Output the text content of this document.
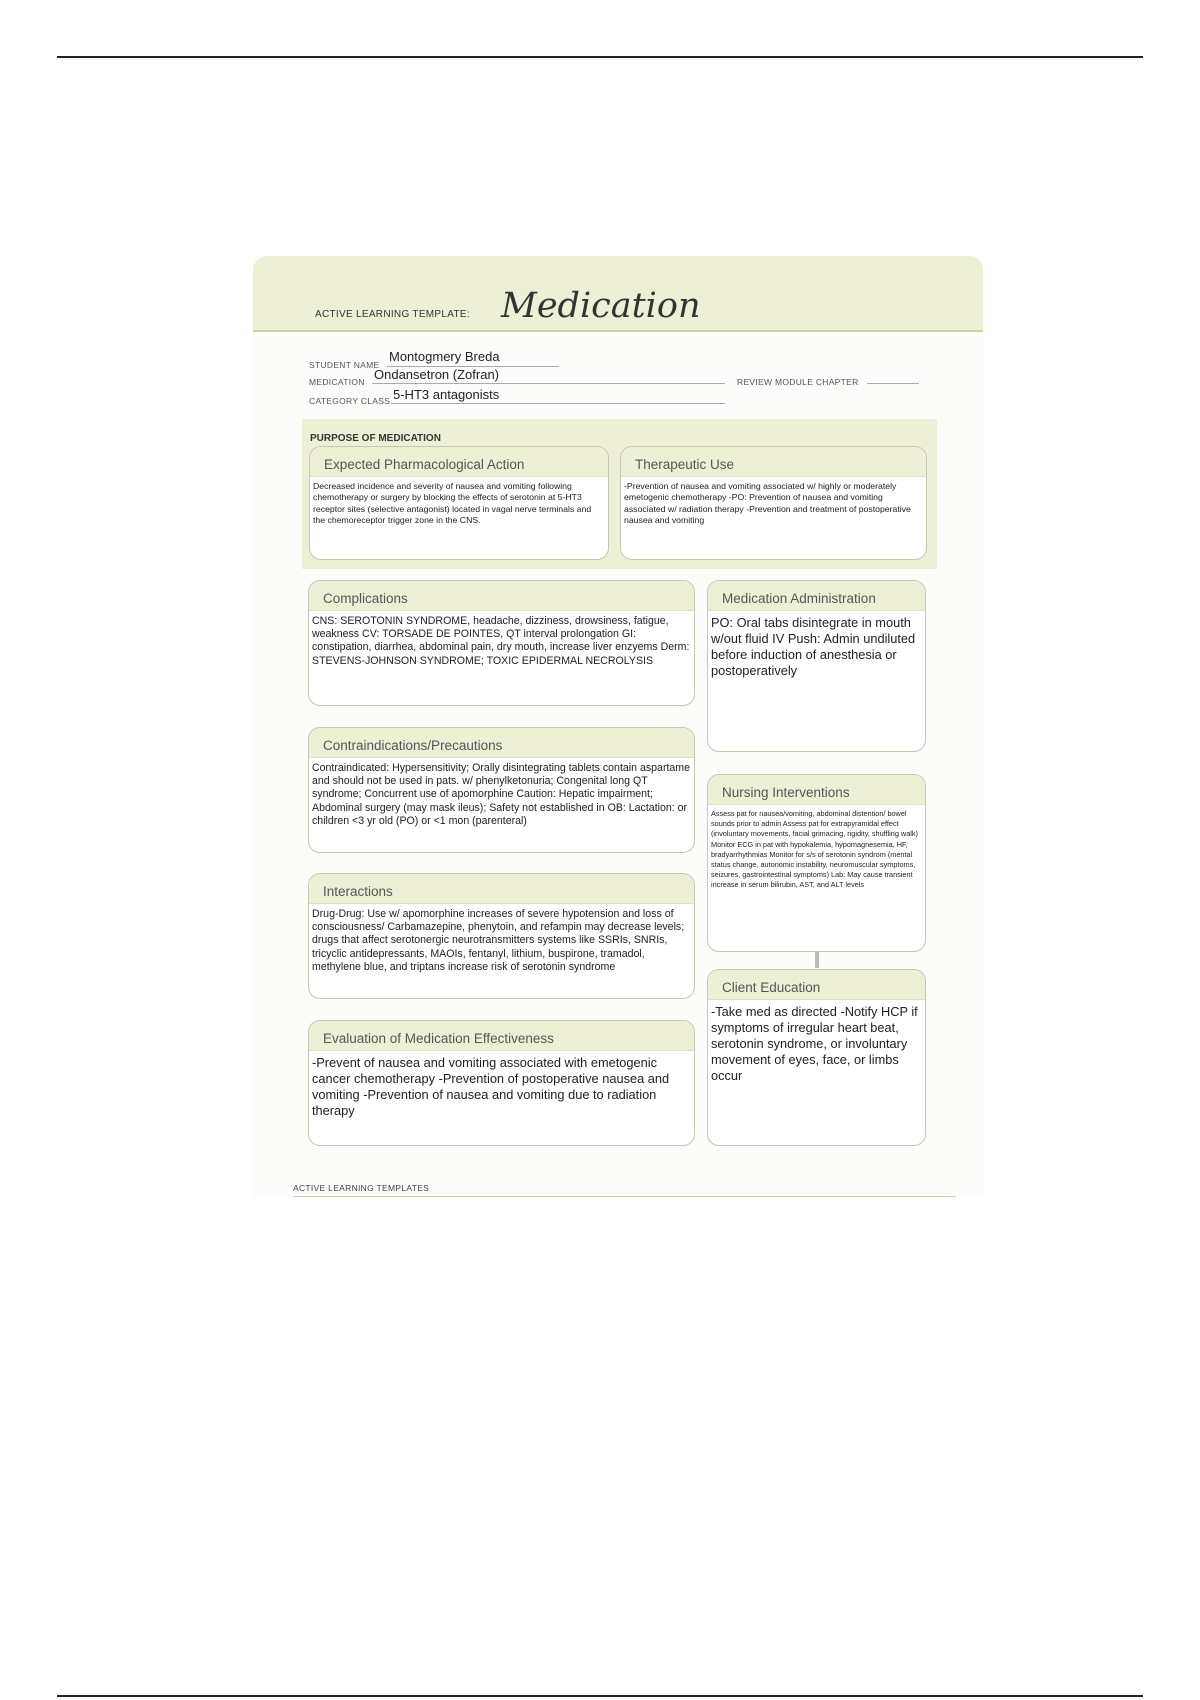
ACTIVE LEARNING TEMPLATE: Medication
STUDENT NAME
Montogmery Breda
MEDICATION Ondansetron (Zofran)	REVIEW MODULE CHAPTER
CATEGORY CLASS 5-HT3 antagonists
PURPOSE OF MEDICATION
Expected Pharmacological Action
Decreased incidence and severity of nausea and vomiting following chemotherapy or surgery by blocking the effects of serotonin at 5-HT3 receptor sites (selective antagonist) located in vagal nerve terminals and the chemoreceptor trigger zone in the CNS.
Therapeutic Use
-Prevention of nausea and vomiting associated w/ highly or moderately emetogenic chemotherapy -PO: Prevention of nausea and vomiting associated w/ radiation therapy -Prevention and treatment of postoperative nausea and vomiting
Complications
CNS: SEROTONIN SYNDROME, headache, dizziness, drowsiness, fatigue, weakness CV: TORSADE DE POINTES, QT interval prolongation GI: constipation, diarrhea, abdominal pain, dry mouth, increase liver enzyems Derm: STEVENS-JOHNSON SYNDROME; TOXIC EPIDERMAL NECROLYSIS
Contraindications/Precautions
Contraindicated: Hypersensitivity; Orally disintegrating tablets contain aspartame and should not be used in pats. w/ phenylketonuria; Congenital long QT syndrome; Concurrent use of apomorphine Caution: Hepatic impairment; Abdominal surgery (may mask ileus); Safety not established in OB: Lactation: or children <3 yr old (PO) or <1 mon (parenteral)
Interactions
Drug-Drug: Use w/ apomorphine increases of severe hypotension and loss of consciousness/ Carbamazepine, phenytoin, and refampin may decrease levels; drugs that affect serotonergic neurotransmitters systems like SSRIs, SNRIs, tricyclic antidepressants, MAOIs, fentanyl, lithium, buspirone, tramadol, methylene blue, and triptans increase risk of serotonin syndrome
Evaluation of Medication Effectiveness
-Prevent of nausea and vomiting associated with emetogenic cancer chemotherapy -Prevention of postoperative nausea and vomiting -Prevention of nausea and vomiting due to radiation therapy
Medication Administration
PO: Oral tabs disintegrate in mouth w/out fluid IV Push: Admin undiluted before induction of anesthesia or postoperatively
Nursing Interventions
Assess pat for nausea/vomiting, abdominal distention/ bowel sounds prior to admin Assess pat for extrapyramidal effect (involuntary movements, facial grimacing, rigidity, shuffling walk) Monitor ECG in pat with hypokalemia, hypomagnesemia, HF, bradyarrhythmias Monitor for s/s of serotonin syndrom (mental status change, autonomic instability, neuromuscular symptoms, seizures, gastrointestinal symptoms) Lab: May cause transient increase in serum bilirubin, AST, and ALT levels
Client Education
-Take med as directed -Notify HCP if symptoms of irregular heart beat, serotonin syndrome, or involuntary movement of eyes, face, or limbs occur
ACTIVE LEARNING TEMPLATES
